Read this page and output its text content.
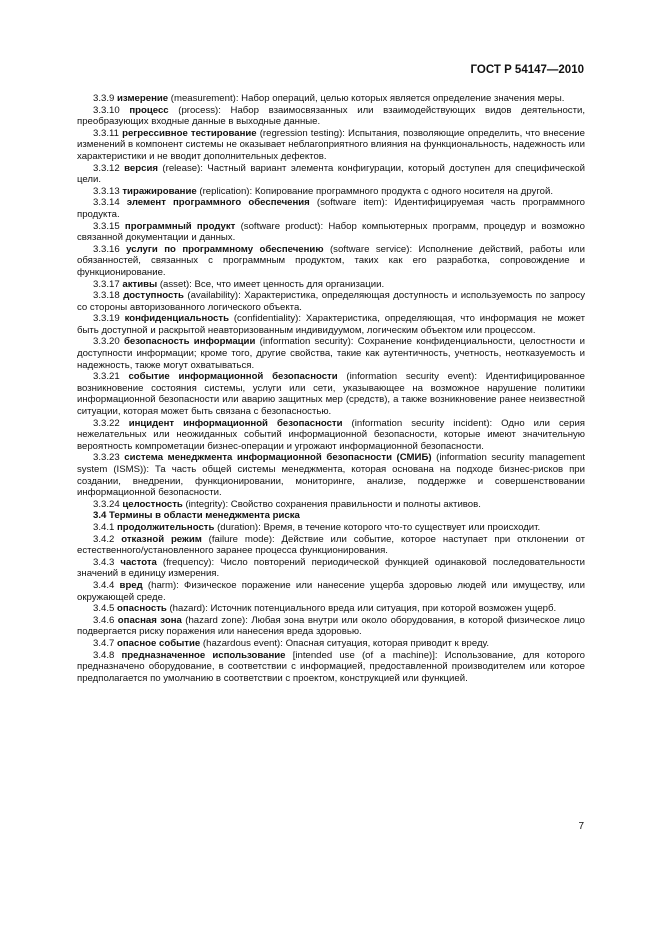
ГОСТ Р 54147—2010

3.3.9 измерение (measurement): Набор операций, целью которых является определение значения меры.

3.3.10 процесс (process): Набор взаимосвязанных или взаимодействующих видов деятельности, преобразующих входные данные в выходные данные.

3.3.11 регрессивное тестирование (regression testing): Испытания, позволяющие определить, что внесение изменений в компонент системы не оказывает неблагоприятного влияния на функциональность, надежность или характеристики и не вводит дополнительных дефектов.

3.3.12 версия (release): Частный вариант элемента конфигурации, который доступен для специфической цели.

3.3.13 тиражирование (replication): Копирование программного продукта с одного носителя на другой.

3.3.14 элемент программного обеспечения (software item): Идентифицируемая часть программного продукта.

3.3.15 программный продукт (software product): Набор компьютерных программ, процедур и возможно связанной документации и данных.

3.3.16 услуги по программному обеспечению (software service): Исполнение действий, работы или обязанностей, связанных с программным продуктом, таких как его разработка, сопровождение и функционирование.

3.3.17 активы (asset): Все, что имеет ценность для организации.

3.3.18 доступность (availability): Характеристика, определяющая доступность и используемость по запросу со стороны авторизованного логического объекта.

3.3.19 конфиденциальность (confidentiality): Характеристика, определяющая, что информация не может быть доступной и раскрытой неавторизованным индивидуумом, логическим объектом или процессом.

3.3.20 безопасность информации (information security): Сохранение конфиденциальности, целостности и доступности информации; кроме того, другие свойства, такие как аутентичность, учетность, неотказуемость и надежность, также могут охватываться.

3.3.21 событие информационной безопасности (information security event): Идентифицированное возникновение состояния системы, услуги или сети, указывающее на возможное нарушение политики информационной безопасности или аварию защитных мер (средств), а также возникновение ранее неизвестной ситуации, которая может быть связана с безопасностью.

3.3.22 инцидент информационной безопасности (information security incident): Одно или серия нежелательных или неожиданных событий информационной безопасности, которые имеют значительную вероятность компрометации бизнес-операции и угрожают информационной безопасности.

3.3.23 система менеджмента информационной безопасности (СМИБ) (information security management system (ISMS)): Та часть общей системы менеджмента, которая основана на подходе бизнес-рисков при создании, внедрении, функционировании, мониторинге, анализе, поддержке и совершенствовании информационной безопасности.

3.3.24 целостность (integrity): Свойство сохранения правильности и полноты активов.

3.4 Термины в области менеджмента риска

3.4.1 продолжительность (duration): Время, в течение которого что-то существует или происходит.

3.4.2 отказной режим (failure mode): Действие или событие, которое наступает при отклонении от естественного/установленного заранее процесса функционирования.

3.4.3 частота (frequency): Число повторений периодической функцией одинаковой последовательности значений в единицу измерения.

3.4.4 вред (harm): Физическое поражение или нанесение ущерба здоровью людей или имуществу, или окружающей среде.

3.4.5 опасность (hazard): Источник потенциального вреда или ситуация, при которой возможен ущерб.

3.4.6 опасная зона (hazard zone): Любая зона внутри или около оборудования, в которой физическое лицо подвергается риску поражения или нанесения вреда здоровью.

3.4.7 опасное событие (hazardous event): Опасная ситуация, которая приводит к вреду.

3.4.8 предназначенное использование [intended use (of a machine)]: Использование, для которого предназначено оборудование, в соответствии с информацией, предоставленной производителем или которое предполагается по умолчанию в соответствии с проектом, конструкцией или функцией.

7
